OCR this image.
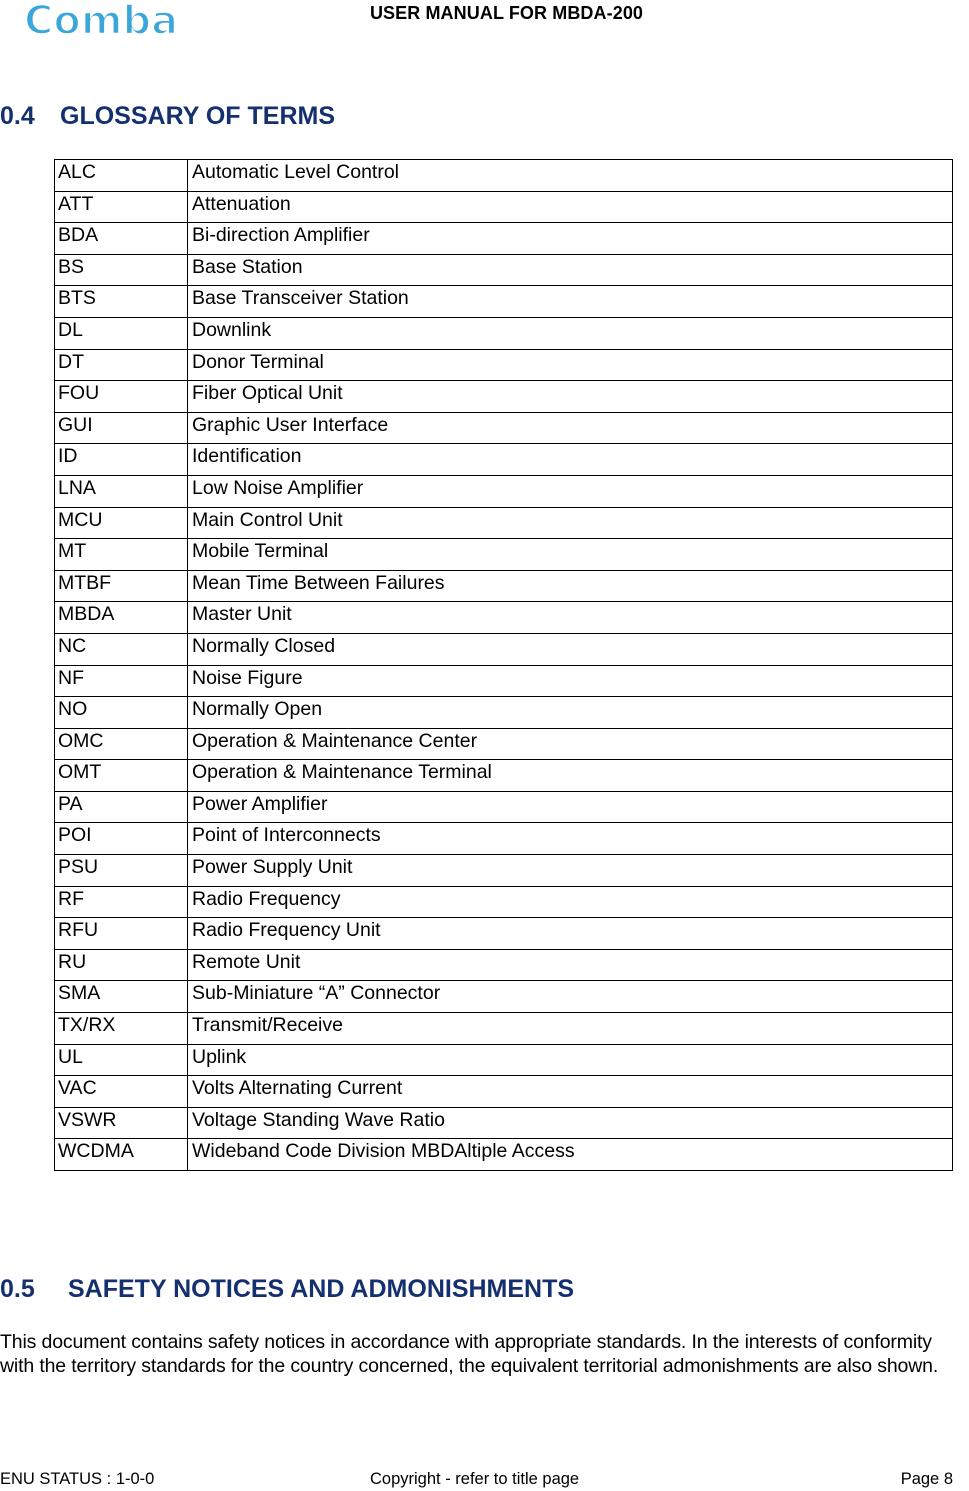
Comba	USER MANUAL FOR MBDA-200
0.4 GLOSSARY OF TERMS
ALC	Automatic Level Control
ATT	Attenuation
BDA	Bi-direction Amplifier
BS	Base Station
BTS	Base Transceiver Station
DL	Downlink
DT	Donor Terminal
FOU	Fiber Optical Unit
GUI	Graphic User Interface
ID	Identification
LNA	Low Noise Amplifier
MCU	Main Control Unit
MT	Mobile Terminal
MTBF	Mean Time Between Failures
MBDA	Master Unit
NC	Normally Closed
NF	Noise Figure
NO	Normally Open
OMC	Operation & Maintenance Center
OMT	Operation & Maintenance Terminal
PA	Power Amplifier
POI	Point of Interconnects
PSU	Power Supply Unit
RF	Radio Frequency
RFU	Radio Frequency Unit
RU	Remote Unit
SMA	Sub-Miniature “A” Connector
TX/RX	Transmit/Receive
UL	Uplink
VAC	Volts Alternating Current
VSWR	Voltage Standing Wave Ratio
WCDMA	Wideband Code Division MBDAltiple Access
0.5 SAFETY NOTICES AND ADMONISHMENTS
This document contains safety notices in accordance with appropriate standards. In the interests of conformity with the territory standards for the country concerned, the equivalent territorial admonishments are also shown.
ENU STATUS : 1-0-0	Copyright - refer to title page	Page 8
